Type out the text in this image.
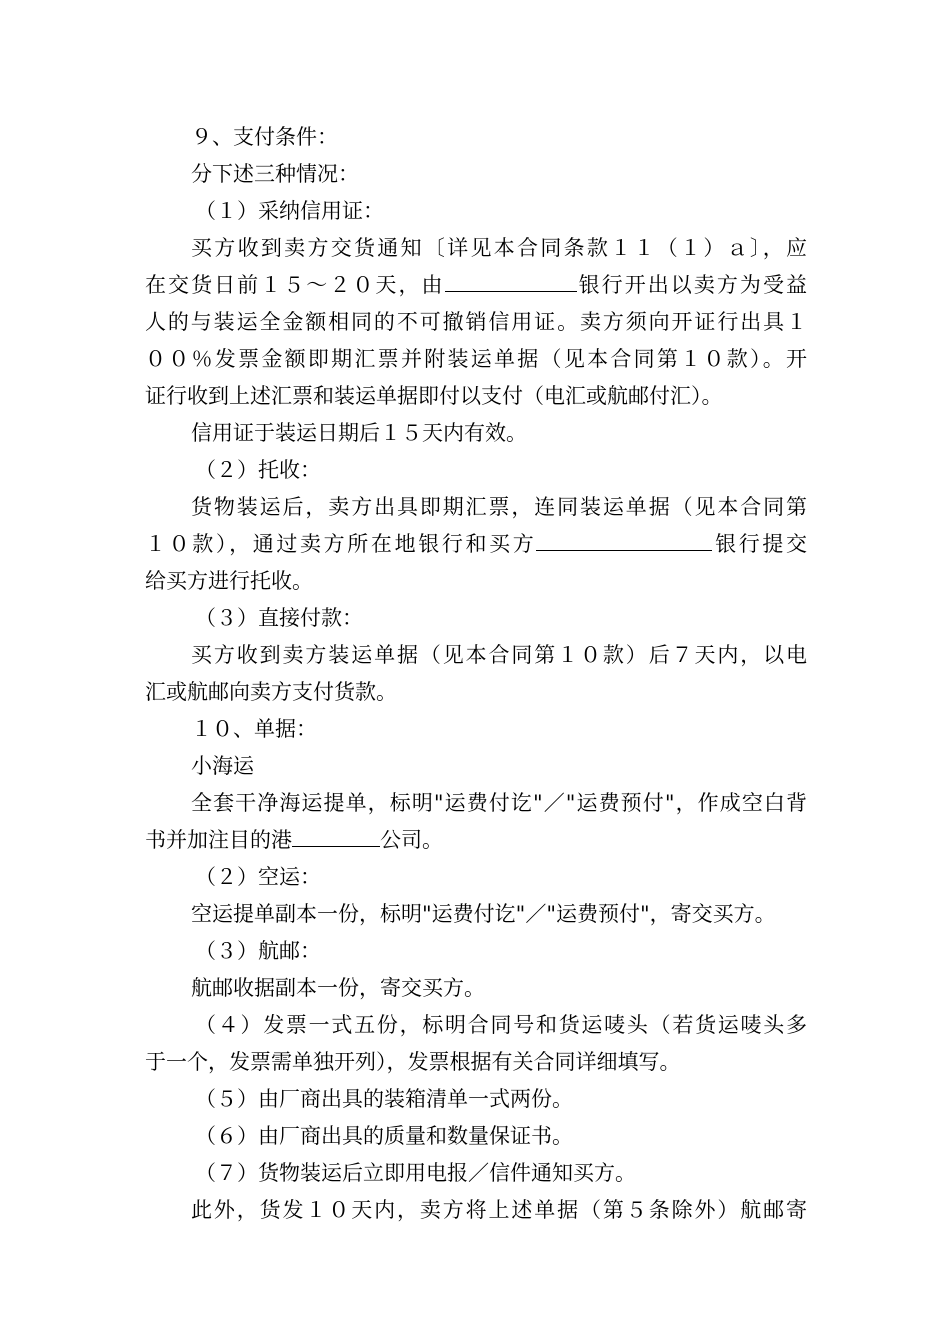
９、支付条件：
分下述三种情况：
（１）采纳信用证：
买方收到卖方交货通知〔详见本合同条款１１（１）ａ〕，应
在交货日前１５～２０天，由	银行开出以卖方为受益
人的与装运全金额相同的不可撤销信用证。卖方须向开证行出具１
００％发票金额即期汇票并附装运单据（见本合同第１０款）。开
证行收到上述汇票和装运单据即付以支付（电汇或航邮付汇）。
信用证于装运日期后１５天内有效。
（２）托收：
货物装运后，卖方出具即期汇票，连同装运单据（见本合同第
１０款），通过卖方所在地银行和买方	银行提交
给买方进行托收。
（３）直接付款：
买方收到卖方装运单据（见本合同第１０款）后７天内，以电
汇或航邮向卖方支付货款。
１０、单据：
小海运
全套干净海运提单，标明"运费付讫"／"运费预付"，作成空白背
书并加注目的港	公司。
（２）空运：
空运提单副本一份，标明"运费付讫"／"运费预付"，寄交买方。
（３）航邮：
航邮收据副本一份，寄交买方。
（４）发票一式五份，标明合同号和货运唛头（若货运唛头多
于一个，发票需单独开列），发票根据有关合同详细填写。
（５）由厂商出具的装箱清单一式两份。
（６）由厂商出具的质量和数量保证书。
（７）货物装运后立即用电报／信件通知买方。
此外，货发１０天内，卖方将上述单据（第５条除外）航邮寄
